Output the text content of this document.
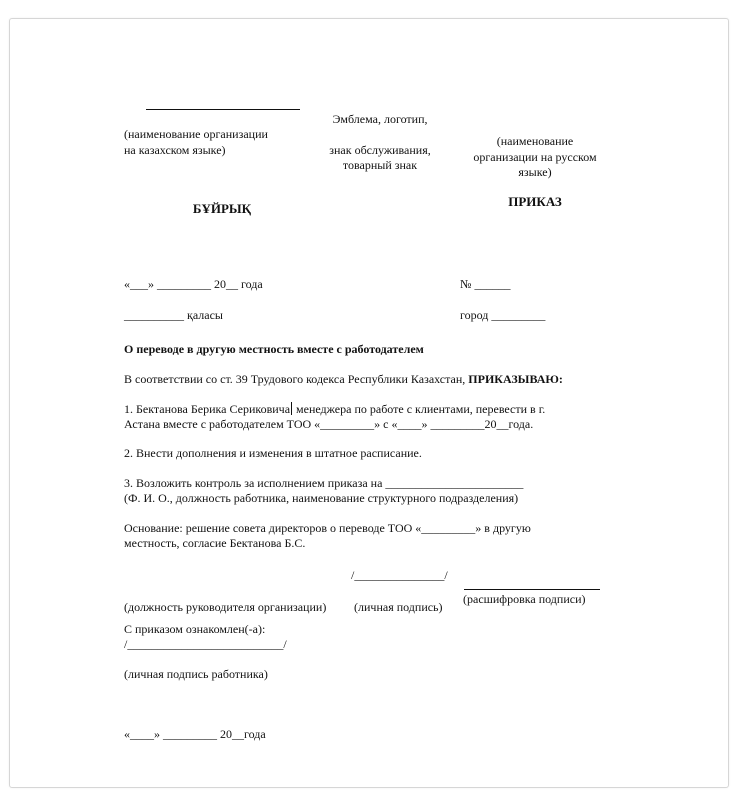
(наименование организации
на казахском языке)
Эмблема, логотип,
знак обслуживания,
товарный знак
(наименование
организации на русском
языке)
БҰЙРЫҚ	ПРИКАЗ
«___» _________ 20__ года	№ ______
__________ қаласы	город _________
О переводе в другую местность вместе с работодателем
В соответствии со ст. 39 Трудового кодекса Республики Казахстан, ПРИКАЗЫВАЮ:
1. Бектанова Берика Сериковича менеджера по работе с клиентами, перевести в г.
Астана вместе с работодателем ТОО «_________» с «____» _________20__года.
2. Внести дополнения и изменения в штатное расписание.
3. Возложить контроль за исполнением приказа на _______________________
(Ф. И. О., должность работника, наименование структурного подразделения)
Основание: решение совета директоров о переводе ТОО «_________» в другую
местность, согласие Бектанова Б.С.
/_______________/
(должность руководителя организации) (личная подпись)
(расшифровка подписи)
С приказом ознакомлен(-а):
/__________________________/
(личная подпись работника)
«____» _________ 20__года
